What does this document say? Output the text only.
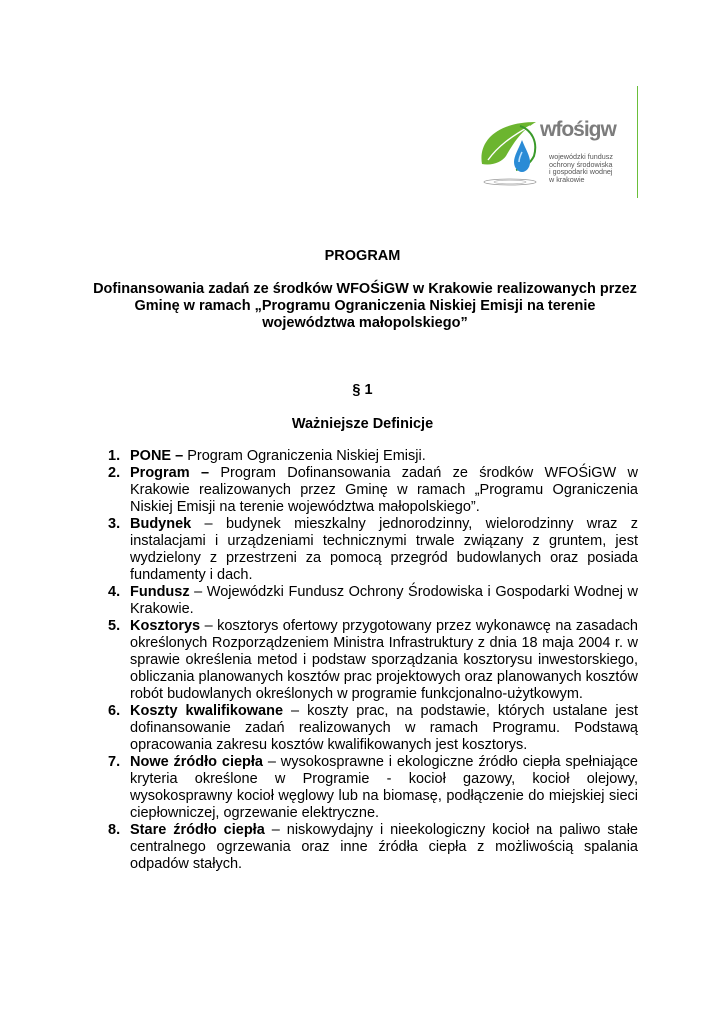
wfośigw
wojewódzki fundusz
ochrony środowiska
i gospodarki wodnej
w krakowie
PROGRAM
Dofinansowania zadań ze środków WFOŚiGW w Krakowie realizowanych przez
Gminę w ramach „Programu Ograniczenia Niskiej Emisji na terenie
województwa małopolskiego”
§ 1
Ważniejsze Definicje
1. PONE – Program Ograniczenia Niskiej Emisji.
2. Program – Program Dofinansowania zadań ze środków WFOŚiGW w Krakowie realizowanych przez Gminę w ramach „Programu Ograniczenia Niskiej Emisji na terenie województwa małopolskiego”.
3. Budynek – budynek mieszkalny jednorodzinny, wielorodzinny wraz z instalacjami i urządzeniami technicznymi trwale związany z gruntem, jest wydzielony z przestrzeni za pomocą przegród budowlanych oraz posiada fundamenty i dach.
4. Fundusz – Wojewódzki Fundusz Ochrony Środowiska i Gospodarki Wodnej w Krakowie.
5. Kosztorys – kosztorys ofertowy przygotowany przez wykonawcę na zasadach określonych Rozporządzeniem Ministra Infrastruktury z dnia 18 maja 2004 r. w sprawie określenia metod i podstaw sporządzania kosztorysu inwestorskiego, obliczania planowanych kosztów prac projektowych oraz planowanych kosztów robót budowlanych określonych w programie funkcjonalno-użytkowym.
6. Koszty kwalifikowane – koszty prac, na podstawie, których ustalane jest dofinansowanie zadań realizowanych w ramach Programu. Podstawą opracowania zakresu kosztów kwalifikowanych jest kosztorys.
7. Nowe źródło ciepła – wysokosprawne i ekologiczne źródło ciepła spełniające kryteria określone w Programie - kocioł gazowy, kocioł olejowy, wysokosprawny kocioł węglowy lub na biomasę, podłączenie do miejskiej sieci ciepłowniczej, ogrzewanie elektryczne.
8. Stare źródło ciepła – niskowydajny i nieekologiczny kocioł na paliwo stałe centralnego ogrzewania oraz inne źródła ciepła z możliwością spalania odpadów stałych.
